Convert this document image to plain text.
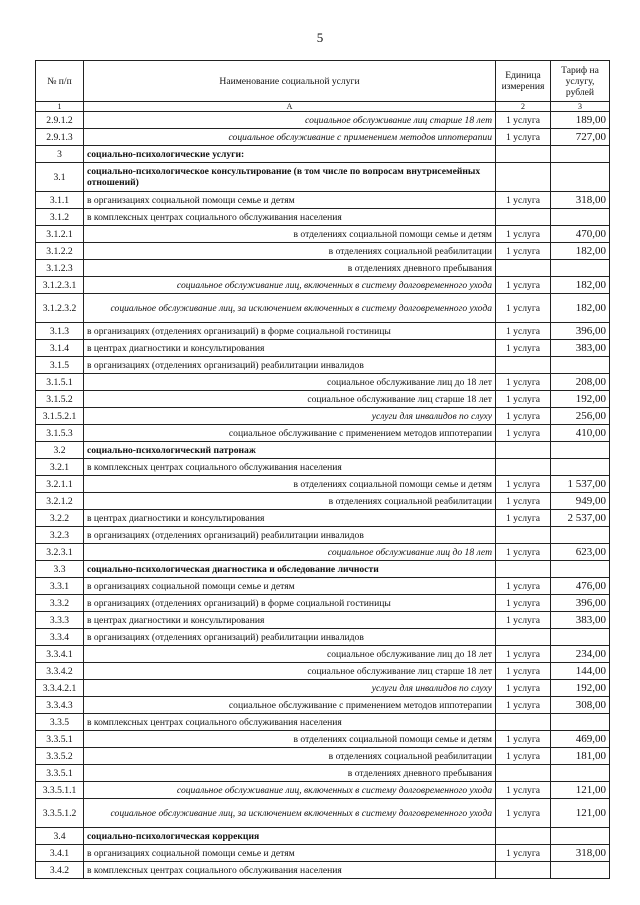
5
№ п/п	Наименование социальной услуги	Единица измерения	Тариф на услугу, рублей
1	А	2	3
2.9.1.2	социальное обслуживание лиц старше 18 лет	1 услуга	189,00
2.9.1.3	социальное обслуживание с применением методов иппотерапии	1 услуга	727,00
3	социально-психологические услуги:		
3.1	социально-психологическое консультирование (в том числе по вопросам внутрисемейных отношений)		
3.1.1	в организациях социальной помощи семье и детям	1 услуга	318,00
3.1.2	в комплексных центрах социального обслуживания населения		
3.1.2.1	в отделениях социальной помощи семье и детям	1 услуга	470,00
3.1.2.2	в отделениях социальной реабилитации	1 услуга	182,00
3.1.2.3	в отделениях дневного пребывания		
3.1.2.3.1	социальное обслуживание лиц, включенных в систему долговременного ухода	1 услуга	182,00
3.1.2.3.2	социальное обслуживание лиц, за исключением включенных в систему долговременного ухода	1 услуга	182,00
3.1.3	в организациях (отделениях организаций) в форме социальной гостиницы	1 услуга	396,00
3.1.4	в центрах диагностики и консультирования	1 услуга	383,00
3.1.5	в организациях (отделениях организаций) реабилитации инвалидов		
3.1.5.1	социальное обслуживание лиц до 18 лет	1 услуга	208,00
3.1.5.2	социальное обслуживание лиц старше 18 лет	1 услуга	192,00
3.1.5.2.1	услуги для инвалидов по слуху	1 услуга	256,00
3.1.5.3	социальное обслуживание с применением методов иппотерапии	1 услуга	410,00
3.2	социально-психологический патронаж		
3.2.1	в комплексных центрах социального обслуживания населения		
3.2.1.1	в отделениях социальной помощи семье и детям	1 услуга	1 537,00
3.2.1.2	в отделениях социальной реабилитации	1 услуга	949,00
3.2.2	в центрах диагностики и консультирования	1 услуга	2 537,00
3.2.3	в организациях (отделениях организаций) реабилитации инвалидов		
3.2.3.1	социальное обслуживание лиц до 18 лет	1 услуга	623,00
3.3	социально-психологическая диагностика и обследование личности		
3.3.1	в организациях социальной помощи семье и детям	1 услуга	476,00
3.3.2	в организациях (отделениях организаций) в форме социальной гостиницы	1 услуга	396,00
3.3.3	в центрах диагностики и консультирования	1 услуга	383,00
3.3.4	в организациях (отделениях организаций) реабилитации инвалидов		
3.3.4.1	социальное обслуживание лиц до 18 лет	1 услуга	234,00
3.3.4.2	социальное обслуживание лиц старше 18 лет	1 услуга	144,00
3.3.4.2.1	услуги для инвалидов по слуху	1 услуга	192,00
3.3.4.3	социальное обслуживание с применением методов иппотерапии	1 услуга	308,00
3.3.5	в комплексных центрах социального обслуживания населения		
3.3.5.1	в отделениях социальной помощи семье и детям	1 услуга	469,00
3.3.5.2	в отделениях социальной реабилитации	1 услуга	181,00
3.3.5.1	в отделениях дневного пребывания		
3.3.5.1.1	социальное обслуживание лиц, включенных в систему долговременного ухода	1 услуга	121,00
3.3.5.1.2	социальное обслуживание лиц, за исключением включенных в систему долговременного ухода	1 услуга	121,00
3.4	социально-психологическая коррекция		
3.4.1	в организациях социальной помощи семье и детям	1 услуга	318,00
3.4.2	в комплексных центрах социального обслуживания населения		
